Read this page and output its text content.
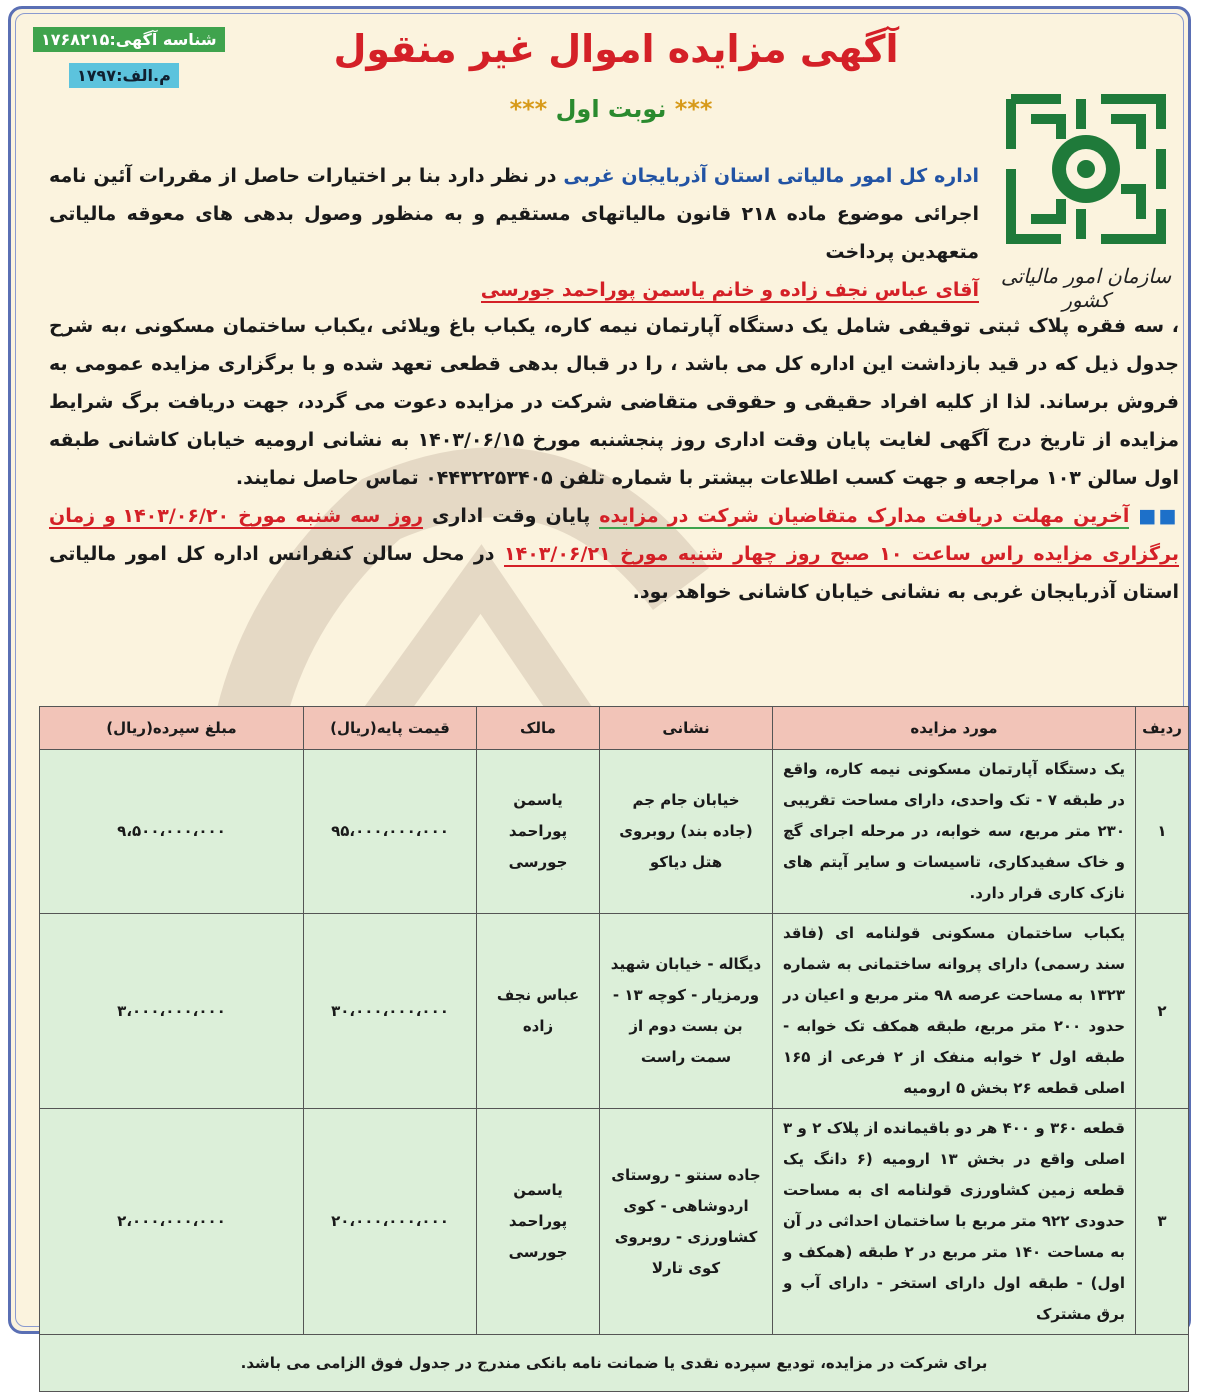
شناسه آگهی:۱۷۶۸۲۱۵
م.الف:۱۷۹۷
آگهی مزایده اموال غیر منقول
*** نوبت اول ***
سازمان امور مالیاتی کشور
اداره کل امور مالیاتی استان آذربایجان غربی در نظر دارد بنا بر اختیارات حاصل از مقررات آئین نامه اجرائی موضوع ماده ۲۱۸ قانون مالیاتهای مستقیم و به منظور وصول بدهی های معوقه مالیاتی متعهدین پرداخت
آقای عباس نجف زاده و خانم یاسمن پوراحمد جورسی
، سه فقره پلاک ثبتی توقیفی شامل یک دستگاه آپارتمان نیمه کاره، یکباب باغ ویلائی ،یکباب ساختمان مسکونی ،به شرح جدول ذیل که در قید بازداشت این اداره کل می باشد ، را در قبال بدهی قطعی تعهد شده و با برگزاری مزایده عمومی به فروش برساند. لذا از کلیه افراد حقیقی و حقوقی متقاضی شرکت در مزایده دعوت می گردد، جهت دریافت برگ شرایط مزایده از تاریخ درج آگهی لغایت پایان وقت اداری روز پنجشنبه مورخ ۱۴۰۳/۰۶/۱۵ به نشانی ارومیه خیابان کاشانی طبقه اول سالن ۱۰۳ مراجعه و جهت کسب اطلاعات بیشتر با شماره تلفن ۰۴۴۳۲۲۵۳۴۰۵ تماس حاصل نمایند.
■■ آخرین مهلت دریافت مدارک متقاضیان شرکت در مزایده پایان وقت اداری روز سه شنبه مورخ ۱۴۰۳/۰۶/۲۰ و زمان برگزاری مزایده راس ساعت ۱۰ صبح روز چهار شنبه مورخ ۱۴۰۳/۰۶/۲۱ در محل سالن کنفرانس اداره کل امور مالیاتی استان آذربایجان غربی به نشانی خیابان کاشانی خواهد بود.
ردیف	مورد مزایده	نشانی	مالک	قیمت پایه(ریال)	مبلغ سپرده(ریال)
۱	یک دستگاه آپارتمان مسکونی نیمه کاره، واقع در طبقه ۷ - تک واحدی، دارای مساحت تقریبی ۲۳۰ متر مربع، سه خوابه، در مرحله اجرای گچ و خاک سفیدکاری، تاسیسات و سایر آیتم های نازک کاری قرار دارد.	خیابان جام جم (جاده بند) روبروی هتل دیاکو	یاسمن پوراحمد جورسی	۹۵،۰۰۰،۰۰۰،۰۰۰	۹،۵۰۰،۰۰۰،۰۰۰
۲	یکباب ساختمان مسکونی قولنامه ای (فاقد سند رسمی) دارای پروانه ساختمانی به شماره ۱۳۲۳ به مساحت عرصه ۹۸ متر مربع و اعیان در حدود ۲۰۰ متر مربع، طبقه همکف تک خوابه - طبقه اول ۲ خوابه منفک از ۲ فرعی از ۱۶۵ اصلی قطعه ۲۶ بخش ۵ ارومیه	دیگاله - خیابان شهید ورمزیار - کوچه ۱۳ - بن بست دوم از سمت راست	عباس نجف زاده	۳۰،۰۰۰،۰۰۰،۰۰۰	۳،۰۰۰،۰۰۰،۰۰۰
۳	قطعه ۳۶۰ و ۴۰۰ هر دو باقیمانده از پلاک ۲ و ۳ اصلی واقع در بخش ۱۳ ارومیه (۶ دانگ یک قطعه زمین کشاورزی قولنامه ای به مساحت حدودی ۹۲۲ متر مربع با ساختمان احداثی در آن به مساحت ۱۴۰ متر مربع در ۲ طبقه (همکف و اول) - طبقه اول دارای استخر - دارای آب و برق مشترک	جاده سنتو - روستای اردوشاهی - کوی کشاورزی - روبروی کوی تارلا	یاسمن پوراحمد جورسی	۲۰،۰۰۰،۰۰۰،۰۰۰	۲،۰۰۰،۰۰۰،۰۰۰
برای شرکت در مزایده، تودیع سپرده نقدی یا ضمانت نامه بانکی مندرج در جدول فوق الزامی می باشد.					
